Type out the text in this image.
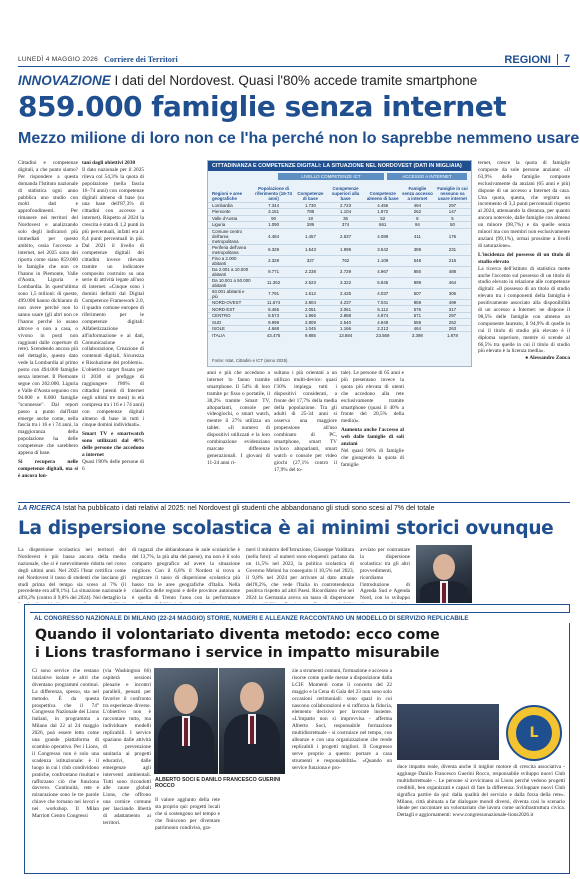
LUNEDÌ 4 MAGGIO 2026 Corriere dei Territori	REGIONI	7
INNOVAZIONE I dati del Nordovest. Quasi l'80% accede tramite smartphone
859.000 famiglie senza internet
Mezzo milione di loro non ce l'ha perché non lo saprebbe nemmeno usare

Cittadini e competenze digitali, a che punto siamo? Per rispondere a questa domanda l'Istituto nazionale di statistica ogni anno pubblica uno studio con molti dati e approfondimenti. Per rimanere nei territori del Nordovest e analizzando solo degli indicatori più immediati per questo ambito, ossia l'accesso a internet, nel 2025 sono dei riporta come siano 859.000 le famiglie che non ce l'hanno in Piemonte, Valle d'Aosta, Liguria e Lombardia. In quest'ultima sono 1,5 milioni: di queste, 499.000 hanno dichiarato di non avere perché non lo sanno usare (gli altri non ce l'hanno perché lo usano altrove o non a casa, o vivono in posti non raggiunti dalle coperture di rete). Scendendo ancora più nel dettaglio, questo dato vede la Lombardia al primo posto con 494.000 famiglie senza internet. Il Piemonte segue con 262.000. Liguria e Valle d'Aosta seguono con 94.000 e 8.000 famiglie "sconnesse". Dal report passo a punto dall'Istat emerge anche come, nella fascia tra i 16 e i 74 anni, la maggioranza della popolazione ha delle competenze che sarebbero appena di base.

Si recupera nelle competenze digitali, ma si è ancora lon-

tani dagli obiettivi 2030

Il dato nazionale per il 2025 rileva col 54,3% la quota di popolazione (nella fascia 16–74 anni) con competenze digitali almeno di base (su una base dell'87,3% di cittadini con accesso a internet). Rispetto al 2024 la crescita è stata di 1,2 punti in più percentuali, infatti era al 8,4 punti percentuali in più. Dal 2021 il livello di competenze digitali dei cittadini invece rilevato tramite un indicatore composito costruito su una serie di attività legate all'uso di internet. «Cinque sono i domini definiti dal Digital Competence Framework 2.0, il quadro comune europeo di riferimento per le competenze digitali: Alfabetizzazione all'informazione e ai dati, Comunicazione e collaborazione, Creazione di contenuti digitali, Sicurezza e Risoluzione dei problemi». L'obiettivo target fissato per il 2030 si prefigge di raggiungere l'80% di cittadini (utenti di Internet negli ultimi tre mesi) in età compresa tra i 16 e i 74 anni) con competenze digitali almeno di base in tutti i cinque domini individuati».

Smart TV e smartwatch sono utilizzati dal 40% delle persone che accedono a internet

Quasi l'80% delle persone di 6

CITTADINANZA E COMPETENZE DIGITALI: LA SITUAZIONE NEL NORDOVEST (DATI IN MIGLIAIA)
LIVELLO COMPETENZE ICT	ACCESSO A INTERNET
Regioni e aree geografiche	Popolazione di riferimento (16-74 anni)	Competenze di base	Competenze superiori alla base	Competenze almeno di base	Famiglie senza accesso a internet	Famiglie in cui nessuno sa usare internet
Lombardia	7.344	1.730	2.723	4.456	494	297
Piemonte	3.151	788	1.104	1.872	262	147
Valle d'Aosta	90	18	35	52	8	5
Liguria	1.090	289	374	661	94	50
Comune centro dell'area metropolitana	4.484	1.457	2.637	4.089	411	176
Periferia dell'area metropolitana	6.329	1.543	1.999	3.542	389	231
Fino a 2.000 abitanti	2.328	327	762	1.109	548	216
Da 2.001 a 10.000 abitanti	9.771	2.238	2.729	4.967	850	488
Da 10.001 a 50.000 abitanti	11.362	2.523	3.322	5.845	899	464
50.001 abitanti e più	7.791	1.612	2.425	4.037	507	306
NORD-OVEST	11.674	2.804	4.237	7.041	859	499
NORD-EST	8.465	2.051	3.061	5.112	576	317
CENTRO	8.573	1.966	2.888	4.874	571	297
SUD	9.999	2.809	2.540	4.949	559	262
ISOLE	4.668	1.045	1.166	2.213	464	263
ITALIA	43.475	9.885	13.884	23.569	3.398	1.878
Fonte: Istat, Cittadini e ICT (anno 2025)

anni e più che accedono a internet lo fanno tramite smartphone. Il 54% di loro tramite pc fisso o portatile, il 38,2% tramite Smart TV, altoparlanti, console per videogiochi, o smart watch, mentre il 27% utilizza un tablet. «Il numero di dispositivi utilizzati e la loro combinazione evidenziano marcate differenze generazionali. I giovani di 11-24 anni ri-

sultano i più orientati a un utilizzo multi-device: quasi l'30% impiega tutti i dispositivi considerati, a fronte del 17,7% della media della popolazione. Tra gli adulti di 25-34 anni si osserva una maggiore propensione all'uso combinato di PC, smartphone, smart TV in/loco altoparlanti, smart watch o console per video giochi (27,1% contro il 17,9% del to-

tale). Le persone di 65 anni e più presentano invece la quota più elevata di utenti che accedono alla rete esclusivamente tramite smartphone (quasi il 40% a fronte del 20,5% della media)».

Aumenta anche l'accesso al web dalle famiglie di soli anziani

Nel quasi 90% di famiglie che giungendo la quota di famiglie

ternet, cresce la quota di famiglie composte da sole persone anziane: «Il 63,9% delle famiglie composte esclusivamente da anziani (65 anni e più) dispone di un accesso a Internet da casa. Una quota, questa, che registra un incremento di 3,3 punti percentuali rispetto al 2024, attenuando la distanza, per quanto ancora notevole, dalle famiglie con almeno un minore (98,7%) e da quelle senza minori ma con membri non esclusivamente anziani (99,1%), ormai prossime a livelli di saturazione».

L'incidenza del possesso di un titolo di studio elevato

La ricerca dell'istituto di statistica mette anche l'accento sul possesso di un titolo di studio elevato in relazione alle competenze digitali: «Il possesso di un titolo di studio elevato tra i componenti della famiglia è positivamente associato alla disponibilità di un accesso a Internet: ne dispone il 98,5% delle famiglie con almeno un componente laureato, il 94,9% di quelle in cui il titolo di studio più elevato è il diploma superiore, mentre si scende al 66,5% tra quelle in cui il titolo di studio più elevato è la licenza media».

● Alessandro Zonca

LA RICERCA Istat ha pubblicato i dati relativi al 2025: nel Nordovest gli studenti che abbandonano gli studi sono scesi al 7% del totale
La dispersione scolastica è ai minimi storici ovunque

La dispersione scolastica nei territori del Nordovest è più bassa ancora della media nazionale, che si è notevolmente ridotta nel corso degli ultimi anni. Nel 2025 l'Istat certifica come nel Nordovest il tasso di studenti che lasciano gli studi prima del tempo sia sceso al 7% (il precedente era all'8,1%). La situazione nazionale è all'8,2% (contro il 9,8% del 2024). Nel dettaglio la

di ragazzi che abbandonano le aule scolastiche è del 13,7%, la più alta del paese), ma non è il solo comparto geografico ad avere la situazione migliore. Con il 6,8% il Nordest si trova a registrare il tasso di dispersione scolastica più basso tra le aree geografiche d'Italia. Nella classifica delle regioni e delle province autonome è quella di Trento l'area con la performance

meri il ministro dell'Istruzione, Giuseppe Valditara (nella foto): «I numeri sono eloquenti: parlano da un 11,5% nel 2022, la politica scolastica di Governo Meloni ha conseguito il 10,5% nel 2023, il 9,8% nel 2024 per arrivare al dato attuale dell'8,2%, che vede l'Italia in controtendenza positiva rispetto ad altri Paesi. Ricordiamo che nel 2024 la Germania aveva un tasso di dispersione

avviato per contrastare la dispersione scolastica: tra gli altri provvedimenti, ricordiamo l'introduzione di Agenda Sud e Agenda Nord, con lo sviluppo

AL CONGRESSO NAZIONALE DI MILANO (22-24 MAGGIO) STORIE, NUMERI E ALLEANZE RACCONTANO UN MODELLO DI SERVIZIO REPLICABILE
Quando il volontariato diventa metodo: ecco come
i Lions trasformano i service in impatto misurabile

Ci sono service che restano iniziative isolate e altri che diventano programmi continui. La differenza, spesso, sta nel metodo. È da questa prospettiva che il 74° Congresso Nazionale dei Lions italiani, in programma a Milano dal 22 al 24 maggio 2026, può essere letto come una grande piattaforma di scambio operativo. Per i Lions, il Congresso non è solo una scadenza istituzionale: è il luogo in cui i club condividono pratiche, confrontano risultati e rafforzano ciò che funziona davvero. Continuità, rete e misurazione sono le tre parole chiave che tornano nei lavori e nei workshop. Il Milan Marriott Centro Congressi

(via Washington 66) ospiterà sessioni plenarie e incontri paralleli, pensati per favorire il confronto tra esperienze diverse. L'obiettivo non è raccontare tutto, ma individuare modelli replicabili. I service spaziano dalle attività di prevenzione sanitaria ai progetti educativi, dalle emergenze agli interventi ambientali. Tutti sono ricondotti alle cause globali Lions, che offrono una cornice comune per lasciando libertà di adattamento ai territori.

ALBERTO SOCI E DANILO FRANCESCO GUERINI ROCCO

Il valore aggiunto della rete sta proprio qui: progetti locali che si sostengono nel tempo e che finiscono per diventare patrimonio condiviso, gra-

zie a strumenti comuni, formazione e accesso a risorse come quelle messe a disposizione dalla LCIF. Momenti come il concerto del 22 maggio e la Cena di Gala del 23 non sono solo occasioni cerimoniali: sono spazi in cui nascono collaborazioni e si rafforza la fiducia, elemento decisivo per lavorare insieme. «L'impatto non si improvvisa - afferma Alberto Soci, responsabile formazione multidistrettuale - si costruisce nel tempo, con alleanze e con una organizzazione che rende replicabili i progetti migliori. Il Congresso serve proprio a questo: portare a casa strumenti e responsabilità». «Quando un service funziona e pro-

L

duce impatto reale, diventa anche il miglior motore di crescita associativa - aggiunge Danilo Francesco Guerini Rocco, responsabile sviluppo nuovi Club multidistrettuale -. Le persone si avvicinano ai Lions perché vedono progetti credibili, ben organizzati e capaci di fare la differenza. Sviluppare nuovi Club significa partire da qui: dalla qualità del servizio e dalla forza della rete». Milano, città abituata a far dialogare mondi diversi, diventa così lo scenario ideale per raccontare un volontariato che lavora come un'infrastruttura civica. Dettagli e aggiornamenti: www.congressonazionale-lions2026.it
